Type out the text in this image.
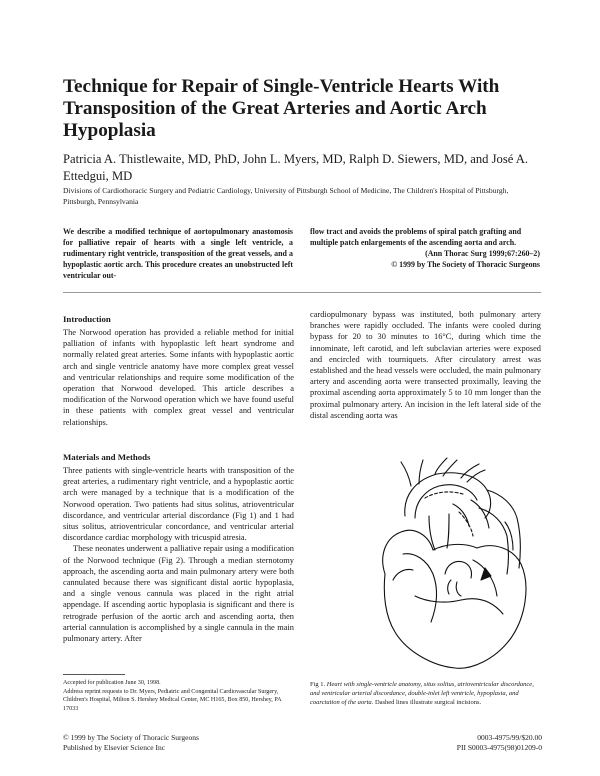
Technique for Repair of Single-Ventricle Hearts With Transposition of the Great Arteries and Aortic Arch Hypoplasia
Patricia A. Thistlewaite, MD, PhD, John L. Myers, MD, Ralph D. Siewers, MD, and José A. Ettedgui, MD
Divisions of Cardiothoracic Surgery and Pediatric Cardiology, University of Pittsburgh School of Medicine, The Children's Hospital of Pittsburgh, Pittsburgh, Pennsylvania
We describe a modified technique of aortopulmonary anastomosis for palliative repair of hearts with a single left ventricle, a rudimentary right ventricle, transposition of the great vessels, and a hypoplastic aortic arch. This procedure creates an unobstructed left ventricular out-
flow tract and avoids the problems of spiral patch grafting and multiple patch enlargements of the ascending aorta and arch.
(Ann Thorac Surg 1999;67:260–2)
© 1999 by The Society of Thoracic Surgeons
Introduction

The Norwood operation has provided a reliable method for initial palliation of infants with hypoplastic left heart syndrome and normally related great arteries. Some infants with hypoplastic aortic arch and single ventricle anatomy have more complex great vessel and ventricular relationships and require some modification of the operation that Norwood developed. This article describes a modification of the Norwood operation which we have found useful in these patients with complex great vessel and ventricular relationships.

Materials and Methods

Three patients with single-ventricle hearts with transposition of the great arteries, a rudimentary right ventricle, and a hypoplastic aortic arch were managed by a technique that is a modification of the Norwood operation. Two patients had situs solitus, atrioventricular discordance, and ventricular arterial discordance (Fig 1) and 1 had situs solitus, atrioventricular concordance, and ventricular arterial discordance cardiac morphology with tricuspid atresia.

These neonates underwent a palliative repair using a modification of the Norwood technique (Fig 2). Through a median sternotomy approach, the ascending aorta and main pulmonary artery were both cannulated because there was significant distal aortic hypoplasia, and a single venous cannula was placed in the right atrial appendage. If ascending aortic hypoplasia is significant and there is retrograde perfusion of the aortic arch and ascending aorta, then arterial cannulation is accomplished by a single cannula in the main pulmonary artery. After

cardiopulmonary bypass was instituted, both pulmonary artery branches were rapidly occluded. The infants were cooled during bypass for 20 to 30 minutes to 16°C, during which time the innominate, left carotid, and left subclavian arteries were exposed and encircled with tourniquets. After circulatory arrest was established and the head vessels were occluded, the main pulmonary artery and ascending aorta were transected proximally, leaving the proximal ascending aorta approximately 5 to 10 mm longer than the proximal pulmonary artery. An incision in the left lateral side of the distal ascending aorta was

Accepted for publication June 30, 1998.
Address reprint requests to Dr. Myers, Pediatric and Congenital Cardiovascular Surgery, Children's Hospital, Milton S. Hershey Medical Center, MC H165, Box 850, Hershey, PA 17033
Fig 1. Heart with single-ventricle anatomy, situs solitus, atrioventricular discordance, and ventricular arterial discordance, double-inlet left ventricle, hypoplasia, and coarctation of the aorta. Dashed lines illustrate surgical incisions.
© 1999 by The Society of Thoracic Surgeons
Published by Elsevier Science Inc
0003-4975/99/$20.00
PII S0003-4975(98)01209-0
